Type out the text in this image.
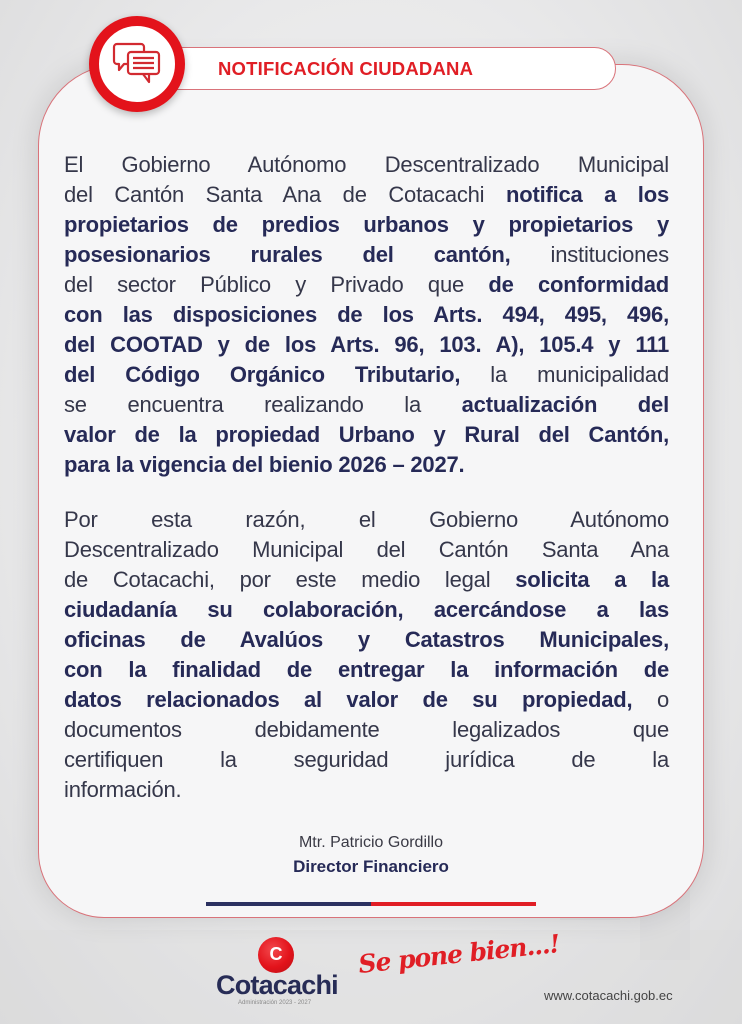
NOTIFICACIÓN CIUDADANA
El Gobierno Autónomo Descentralizado Municipal
del Cantón Santa Ana de Cotacachi notifica a los
propietarios de predios urbanos y propietarios y
posesionarios rurales del cantón, instituciones
del sector Público y Privado que de conformidad
con las disposiciones de los Arts. 494, 495, 496,
del COOTAD y de los Arts. 96, 103. A), 105.4 y 111
del Código Orgánico Tributario, la municipalidad
se encuentra realizando la actualización del
valor de la propiedad Urbano y Rural del Cantón,
para la vigencia del bienio 2026 – 2027.
Por esta razón, el Gobierno Autónomo
Descentralizado Municipal del Cantón Santa Ana
de Cotacachi, por este medio legal solicita a la
ciudadanía su colaboración, acercándose a las
oficinas de Avalúos y Catastros Municipales,
con la finalidad de entregar la información de
datos relacionados al valor de su propiedad, o
documentos debidamente legalizados que
certifiquen la seguridad jurídica de la
información.
Mtr. Patricio Gordillo
Director Financiero
C
Cotacachi
Administración 2023 - 2027
Se pone bien...!
www.cotacachi.gob.ec
